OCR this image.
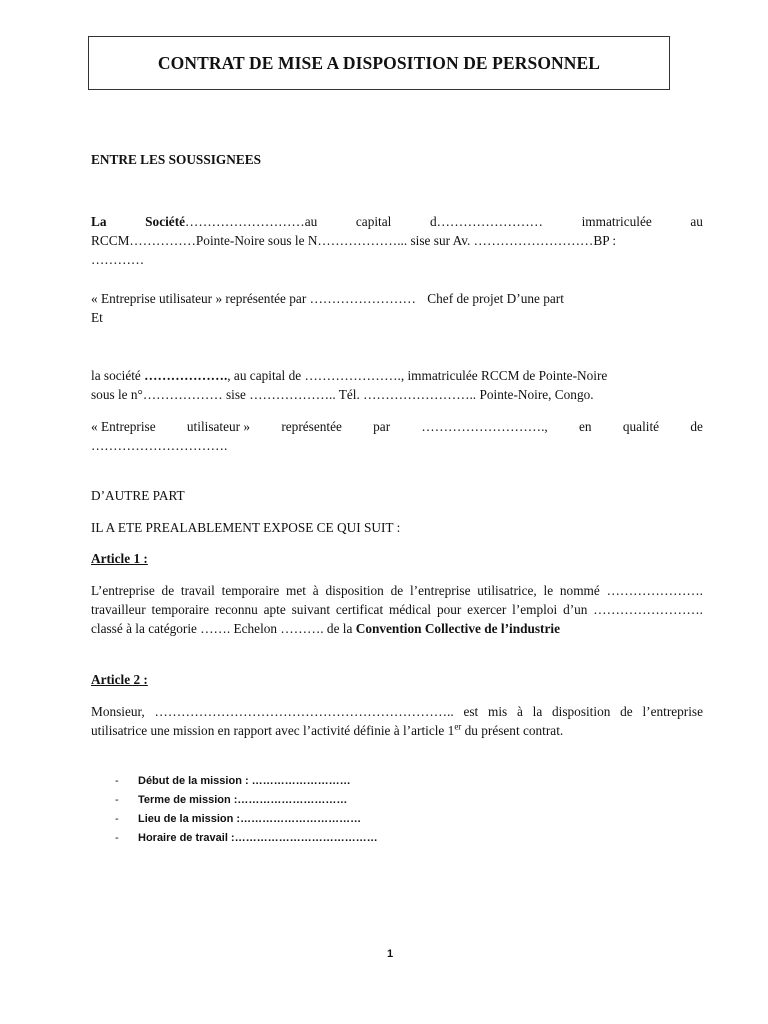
CONTRAT DE MISE A DISPOSITION DE PERSONNEL
ENTRE LES SOUSSIGNEES
La	Société………………………au	capital	d……………………	immatriculée	au
RCCM……………Pointe-Noire sous le N………………... sise sur Av. ………………………BP :
…………
« Entreprise utilisateur » représentée par …………………… Chef de projet D’une part
Et
la société ………………., au capital de …………………., immatriculée RCCM de Pointe-Noire
sous le n°……………… sise ……………….. Tél. …………………….. Pointe-Noire, Congo.
« Entreprise utilisateur » représentée par ………………………., en qualité de
………………………….
D’AUTRE PART
IL A ETE PREALABLEMENT EXPOSE CE QUI SUIT :
Article 1 :
L’entreprise de travail temporaire met à disposition de l’entreprise utilisatrice, le nommé …………………. travailleur temporaire reconnu apte suivant certificat médical pour exercer l’emploi d’un ……………………. classé à la catégorie ……. Echelon ………. de la Convention Collective de l’industrie
Article 2 :
Monsieur, ………………………………………………………….. est mis à la disposition de l’entreprise utilisatrice une mission en rapport avec l’activité définie à l’article 1er du présent contrat.
-	Début de la mission : ………………………
-	Terme de mission :…………………………
-	Lieu de la mission :……………………………
-	Horaire de travail :…………………………………
1
